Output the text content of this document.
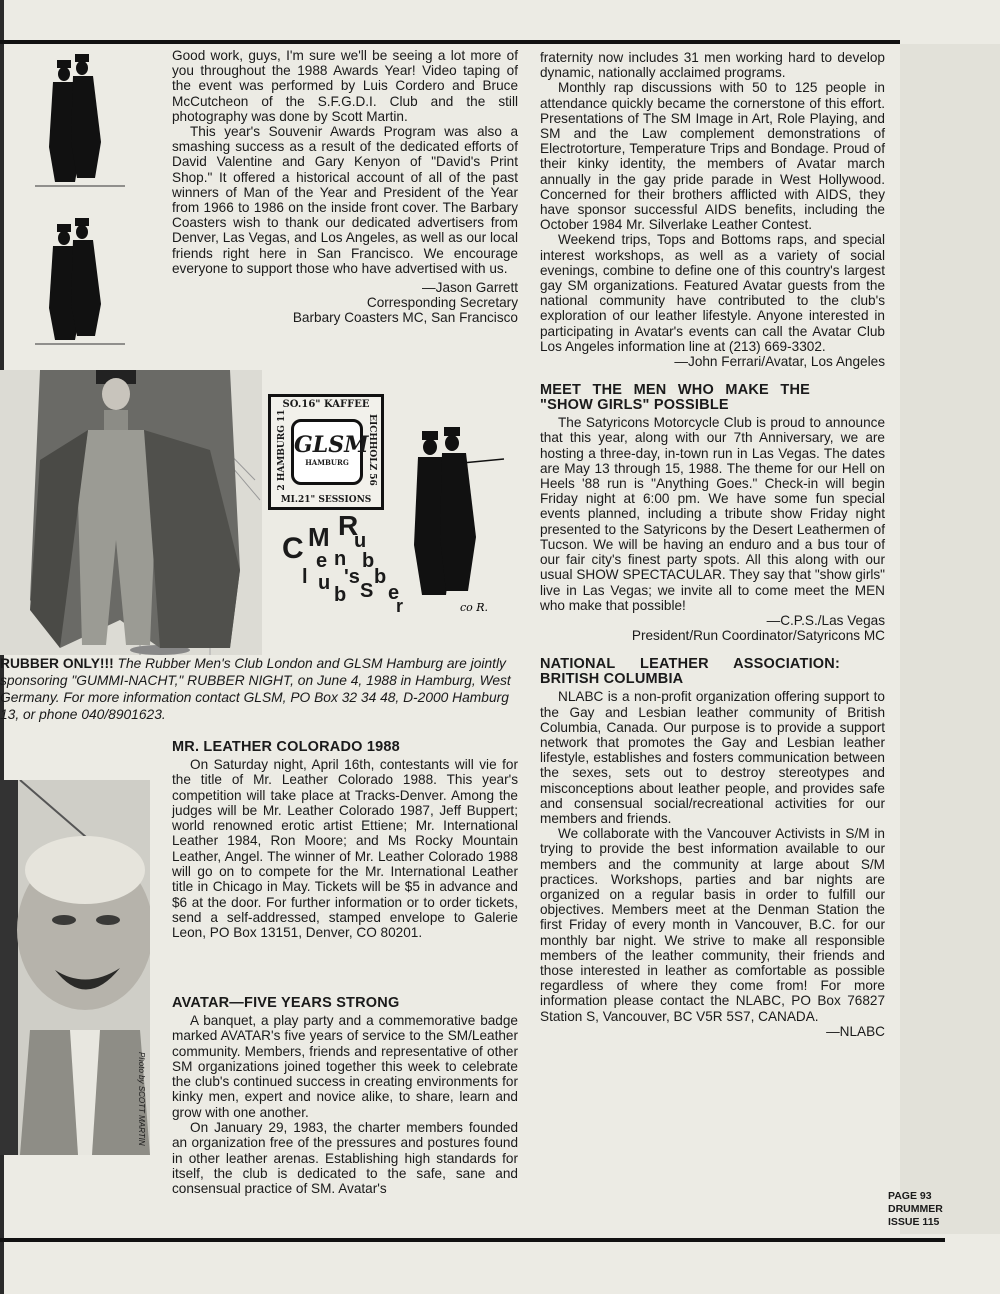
Good work, guys, I'm sure we'll be seeing a lot more of you throughout the 1988 Awards Year! Video taping of the event was performed by Luis Cordero and Bruce McCutcheon of the S.F.G.D.I. Club and the still photography was done by Scott Martin.

This year's Souvenir Awards Program was also a smashing success as a result of the dedicated efforts of David Valentine and Gary Kenyon of "David's Print Shop." It offered a historical account of all of the past winners of Man of the Year and President of the Year from 1966 to 1986 on the inside front cover. The Barbary Coasters wish to thank our dedicated advertisers from Denver, Las Vegas, and Los Angeles, as well as our local friends right here in San Francisco. We encourage everyone to support those who have advertised with us.

—Jason Garrett

Corresponding Secretary

Barbary Coasters MC, San Francisco

SO.16" KAFFEE
2 HAMBURG 11	EICHHOLZ 56
GLSM
HAMBURG
MI.21" SESSIONS
C M R
e n
u
b
l u 's b
b S e
r	co R.
RUBBER ONLY!!! The Rubber Men's Club London and GLSM Hamburg are jointly sponsoring "GUMMI-NACHT," RUBBER NIGHT, on June 4, 1988 in Hamburg, West Germany. For more information contact GLSM, PO Box 32 34 48, D-2000 Hamburg 13, or phone 040/8901623.
MR. LEATHER COLORADO 1988

On Saturday night, April 16th, contestants will vie for the title of Mr. Leather Colorado 1988. This year's competition will take place at Tracks-Denver. Among the judges will be Mr. Leather Colorado 1987, Jeff Buppert; world renowned erotic artist Ettiene; Mr. International Leather 1984, Ron Moore; and Ms Rocky Mountain Leather, Angel. The winner of Mr. Leather Colorado 1988 will go on to compete for the Mr. International Leather title in Chicago in May. Tickets will be $5 in advance and $6 at the door. For further information or to order tickets, send a self-addressed, stamped envelope to Galerie Leon, PO Box 13151, Denver, CO 80201.

Photo by SCOTT MARTIN
AVATAR—FIVE YEARS STRONG

A banquet, a play party and a commemorative badge marked AVATAR's five years of service to the SM/Leather community. Members, friends and representative of other SM organizations joined together this week to celebrate the club's continued success in creating environments for kinky men, expert and novice alike, to share, learn and grow with one another.

On January 29, 1983, the charter members founded an organization free of the pressures and postures found in other leather arenas. Establishing high standards for itself, the club is dedicated to the safe, sane and consensual practice of SM. Avatar's

fraternity now includes 31 men working hard to develop dynamic, nationally acclaimed programs.

Monthly rap discussions with 50 to 125 people in attendance quickly became the cornerstone of this effort. Presentations of The SM Image in Art, Role Playing, and SM and the Law complement demonstrations of Electrotorture, Temperature Trips and Bondage. Proud of their kinky identity, the members of Avatar march annually in the gay pride parade in West Hollywood. Concerned for their brothers afflicted with AIDS, they have sponsor successful AIDS benefits, including the October 1984 Mr. Silverlake Leather Contest.

Weekend trips, Tops and Bottoms raps, and special interest workshops, as well as a variety of social evenings, combine to define one of this country's largest gay SM organizations. Featured Avatar guests from the national community have contributed to the club's exploration of our leather lifestyle. Anyone interested in participating in Avatar's events can call the Avatar Club Los Angeles information line at (213) 669-3302.

—John Ferrari/Avatar, Los Angeles

MEET THE MEN WHO MAKE THE "SHOW GIRLS" POSSIBLE

The Satyricons Motorcycle Club is proud to announce that this year, along with our 7th Anniversary, we are hosting a three-day, in-town run in Las Vegas. The dates are May 13 through 15, 1988. The theme for our Hell on Heels '88 run is "Anything Goes." Check-in will begin Friday night at 6:00 pm. We have some fun special events planned, including a tribute show Friday night presented to the Satyricons by the Desert Leathermen of Tucson. We will be having an enduro and a bus tour of our fair city's finest party spots. All this along with our usual SHOW SPECTACULAR. They say that "show girls" live in Las Vegas; we invite all to come meet the MEN who make that possible!

—C.P.S./Las Vegas

President/Run Coordinator/Satyricons MC

NATIONAL LEATHER ASSOCIATION: BRITISH COLUMBIA

NLABC is a non-profit organization offering support to the Gay and Lesbian leather community of British Columbia, Canada. Our purpose is to provide a support network that promotes the Gay and Lesbian leather lifestyle, establishes and fosters communication between the sexes, sets out to destroy stereotypes and misconceptions about leather people, and provides safe and consensual social/recreational activities for our members and friends.

We collaborate with the Vancouver Activists in S/M in trying to provide the best information available to our members and the community at large about S/M practices. Workshops, parties and bar nights are organized on a regular basis in order to fulfill our objectives. Members meet at the Denman Station the first Friday of every month in Vancouver, B.C. for our monthly bar night. We strive to make all responsible members of the leather community, their friends and those interested in leather as comfortable as possible regardless of where they come from! For more information please contact the NLABC, PO Box 76827 Station S, Vancouver, BC V5R 5S7, CANADA.

—NLABC

PAGE 93
DRUMMER
ISSUE 115
